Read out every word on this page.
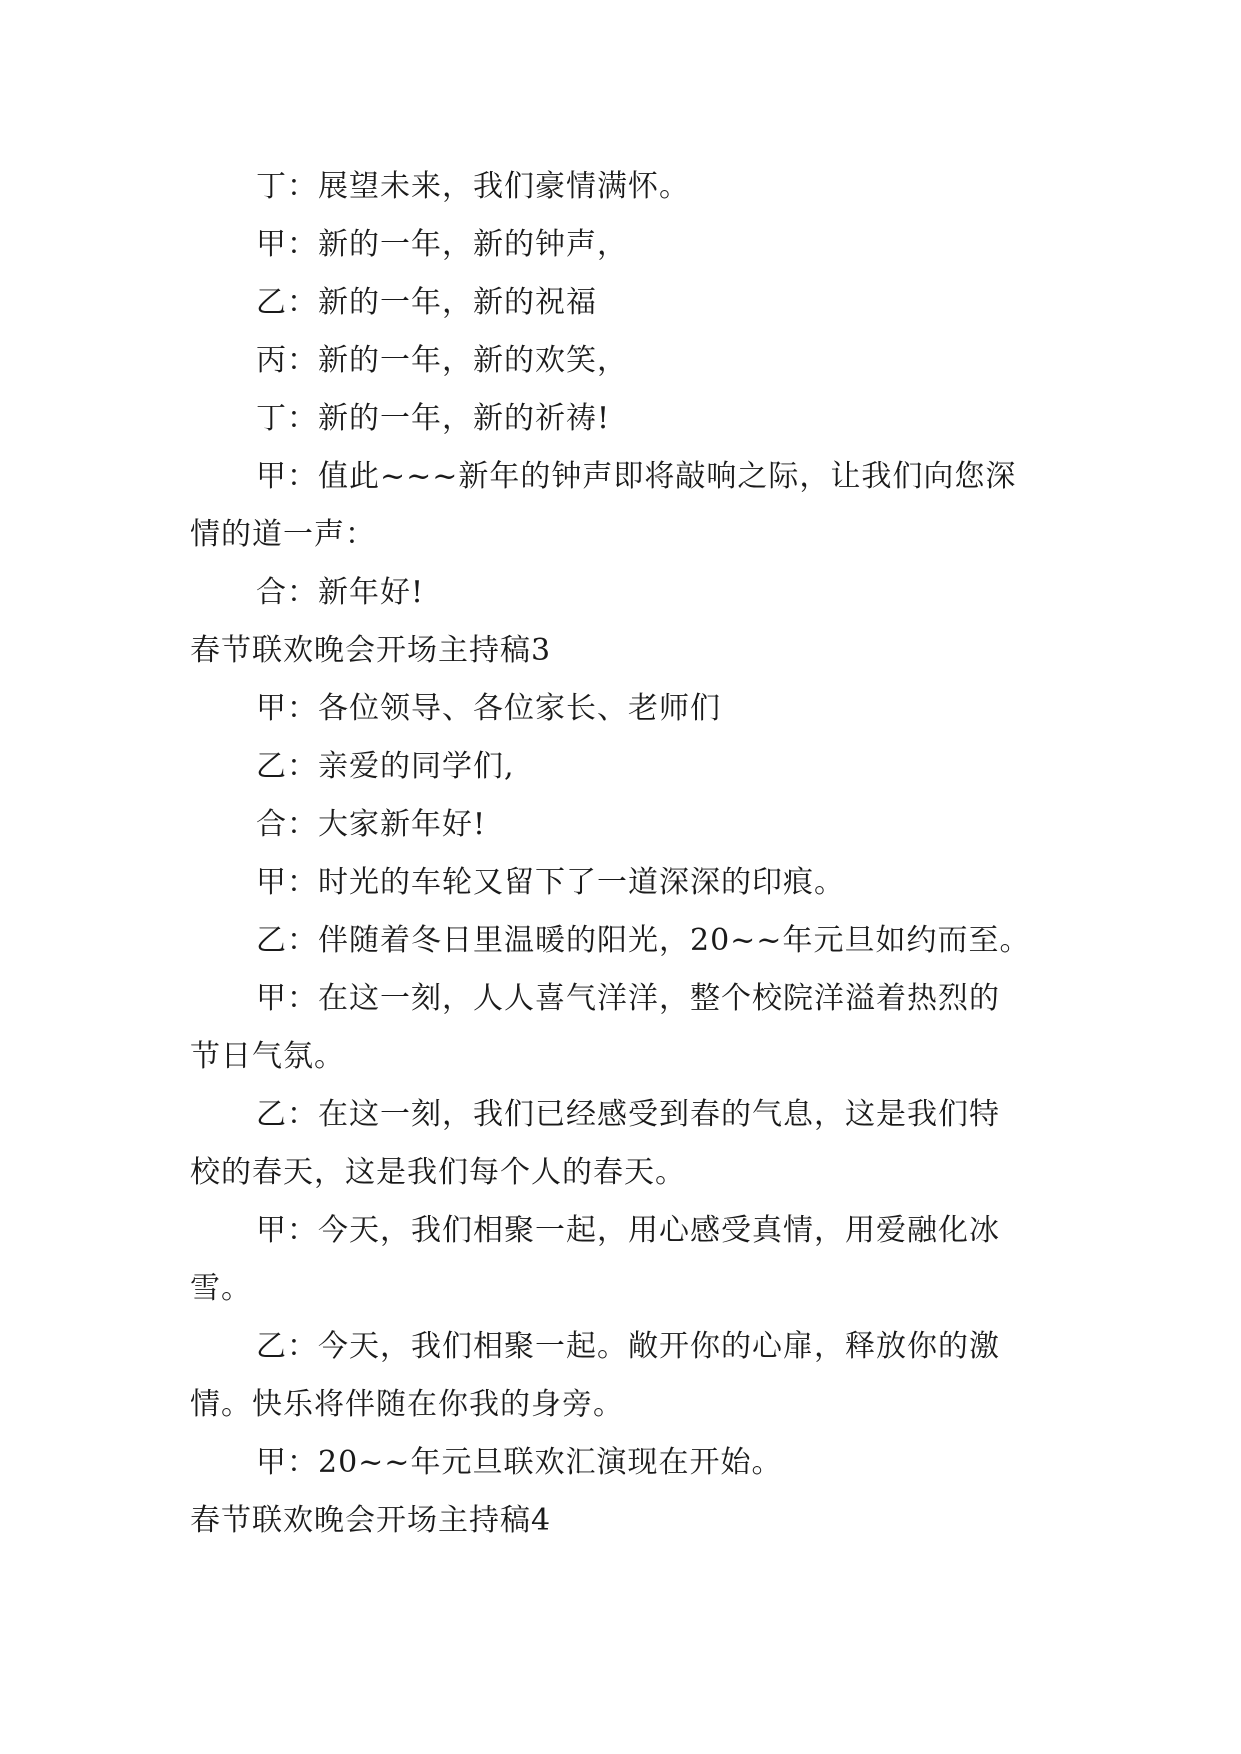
丁：展望未来，我们豪情满怀。
甲：新的一年，新的钟声，
乙：新的一年，新的祝福
丙：新的一年，新的欢笑，
丁：新的一年，新的祈祷!
甲：值此~~~新年的钟声即将敲响之际，让我们向您深
情的道一声：
合：新年好!
春节联欢晚会开场主持稿3
甲：各位领导、各位家长、老师们
乙：亲爱的同学们,
合：大家新年好!
甲：时光的车轮又留下了一道深深的印痕。
乙：伴随着冬日里温暖的阳光，20~~年元旦如约而至。
甲：在这一刻，人人喜气洋洋，整个校院洋溢着热烈的
节日气氛。
乙：在这一刻，我们已经感受到春的气息，这是我们特
校的春天，这是我们每个人的春天。
甲：今天，我们相聚一起，用心感受真情，用爱融化冰
雪。
乙：今天，我们相聚一起。敞开你的心扉，释放你的激
情。快乐将伴随在你我的身旁。
甲：20~~年元旦联欢汇演现在开始。
春节联欢晚会开场主持稿4
